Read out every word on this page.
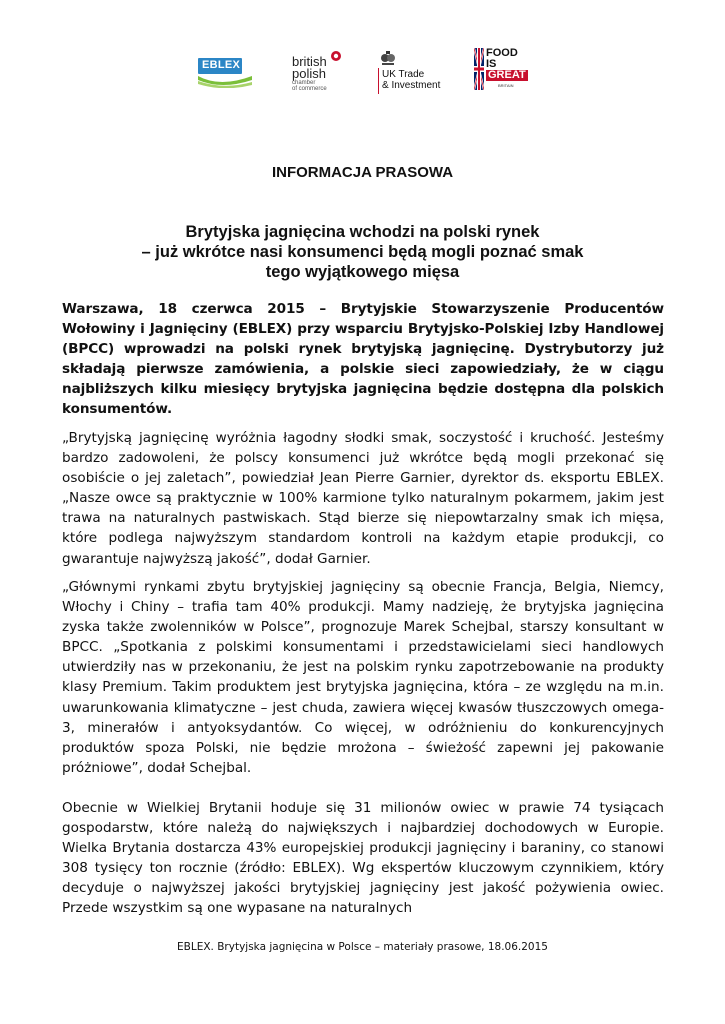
EBLEX	british
polish
chamber
of commerce
UK Trade
& Investment
FOOD
IS
GREAT
BRITAIN
INFORMACJA PRASOWA
Brytyjska jagnięcina wchodzi na polski rynek
– już wkrótce nasi konsumenci będą mogli poznać smak
tego wyjątkowego mięsa

Warszawa, 18 czerwca 2015 – Brytyjskie Stowarzyszenie Producentów Wołowiny i Jagnięciny (EBLEX) przy wsparciu Brytyjsko-Polskiej Izby Handlowej (BPCC) wprowadzi na polski rynek brytyjską jagnięcinę. Dystrybutorzy już składają pierwsze zamówienia, a polskie sieci zapowiedziały, że w ciągu najbliższych kilku miesięcy brytyjska jagnięcina będzie dostępna dla polskich konsumentów.

„Brytyjską jagnięcinę wyróżnia łagodny słodki smak, soczystość i kruchość. Jesteśmy bardzo zadowoleni, że polscy konsumenci już wkrótce będą mogli przekonać się osobiście o jej zaletach”, powiedział Jean Pierre Garnier, dyrektor ds. eksportu EBLEX. „Nasze owce są praktycznie w 100% karmione tylko naturalnym pokarmem, jakim jest trawa na naturalnych pastwiskach. Stąd bierze się niepowtarzalny smak ich mięsa, które podlega najwyższym standardom kontroli na każdym etapie produkcji, co gwarantuje najwyższą jakość”, dodał Garnier.

„Głównymi rynkami zbytu brytyjskiej jagnięciny są obecnie Francja, Belgia, Niemcy, Włochy i Chiny – trafia tam 40% produkcji. Mamy nadzieję, że brytyjska jagnięcina zyska także zwolenników w Polsce”, prognozuje Marek Schejbal, starszy konsultant w BPCC. „Spotkania z polskimi konsumentami i przedstawicielami sieci handlowych utwierdziły nas w przekonaniu, że jest na polskim rynku zapotrzebowanie na produkty klasy Premium. Takim produktem jest brytyjska jagnięcina, która – ze względu na m.in. uwarunkowania klimatyczne – jest chuda, zawiera więcej kwasów tłuszczowych omega-3, minerałów i antyoksydantów. Co więcej, w odróżnieniu do konkurencyjnych produktów spoza Polski, nie będzie mrożona – świeżość zapewni jej pakowanie próżniowe”, dodał Schejbal.

Obecnie w Wielkiej Brytanii hoduje się 31 milionów owiec w prawie 74 tysiącach gospodarstw, które należą do największych i najbardziej dochodowych w Europie. Wielka Brytania dostarcza 43% europejskiej produkcji jagnięciny i baraniny, co stanowi 308 tysięcy ton rocznie (źródło: EBLEX). Wg ekspertów kluczowym czynnikiem, który decyduje o najwyższej jakości brytyjskiej jagnięciny jest jakość pożywienia owiec. Przede wszystkim są one wypasane na naturalnych

EBLEX. Brytyjska jagnięcina w Polsce – materiały prasowe, 18.06.2015
